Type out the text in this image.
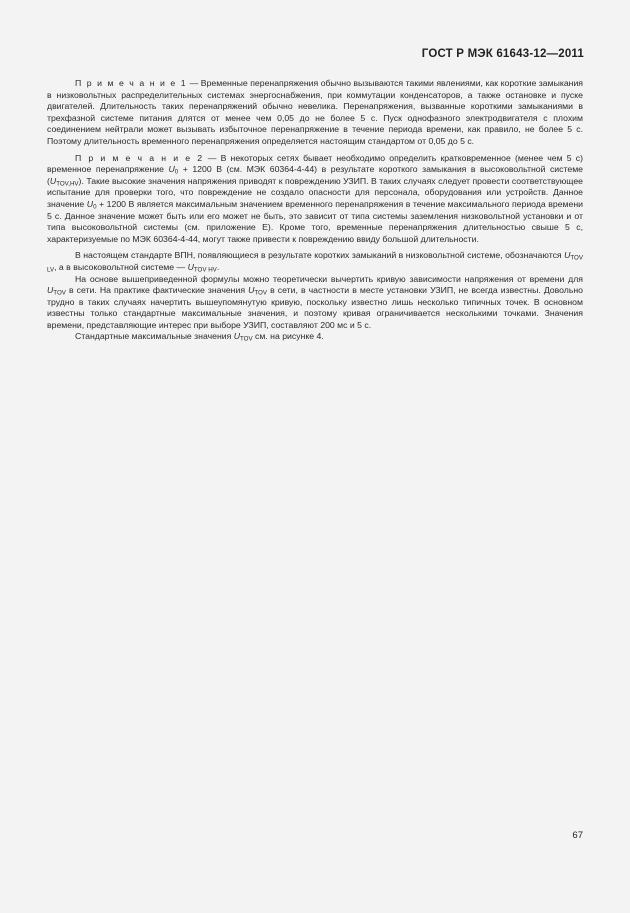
ГОСТ Р МЭК 61643-12—2011

П р и м е ч а н и е 1 — Временные перенапряжения обычно вызываются такими явлениями, как короткие замыкания в низковольтных распределительных системах энергоснабжения, при коммутации конденсаторов, а также остановке и пуске двигателей. Длительность таких перенапряжений обычно невелика. Перенапряжения, вызванные короткими замыканиями в трехфазной системе питания длятся от менее чем 0,05 до не более 5 с. Пуск однофазного электродвигателя с плохим соединением нейтрали может вызывать избыточное перенапряжение в течение периода времени, как правило, не более 5 с. Поэтому длительность временного перенапряжения определяется настоящим стандартом от 0,05 до 5 с.

П р и м е ч а н и е 2 — В некоторых сетях бывает необходимо определить кратковременное (менее чем 5 с) временное перенапряжение $U_0 + 1200$ В (см. МЭК 60364-4-44) в результате короткого замыкания в высоковольтной системе $(U_{TOV,HV})$. Такие высокие значения напряжения приводят к повреждению УЗИП. В таких случаях следует провести соответствующее испытание для проверки того, что повреждение не создало опасности для персонала, оборудования или устройств. Данное значение $U_0 + 1200$ В является максимальным значением временного перенапряжения в течение максимального периода времени 5 с. Данное значение может быть или его может не быть, это зависит от типа системы заземления низковольтной установки и от типа высоковольтной системы (см. приложение Е). Кроме того, временные перенапряжения длительностью свыше 5 с, характеризуемые по МЭК 60364-4-44, могут также привести к повреждению ввиду большой длительности.

В настоящем стандарте ВПН, появляющиеся в результате коротких замыканий в низковольтной системе, обозначаются $U_{TOV LV}$, а в высоковольтной системе — $U_{TOV HV}$.

На основе вышеприведенной формулы можно теоретически вычертить кривую зависимости напряжения от времени для $U_{TOV}$ в сети. На практике фактические значения $U_{TOV}$ в сети, в частности в месте установки УЗИП, не всегда известны. Довольно трудно в таких случаях начертить вышеупомянутую кривую, поскольку известно лишь несколько типичных точек. В основном известны только стандартные максимальные значения, и поэтому кривая ограничивается несколькими точками. Значения времени, представляющие интерес при выборе УЗИП, составляют 200 мс и 5 с.

Стандартные максимальные значения $U_{TOV}$ см. на рисунке 4.

67
